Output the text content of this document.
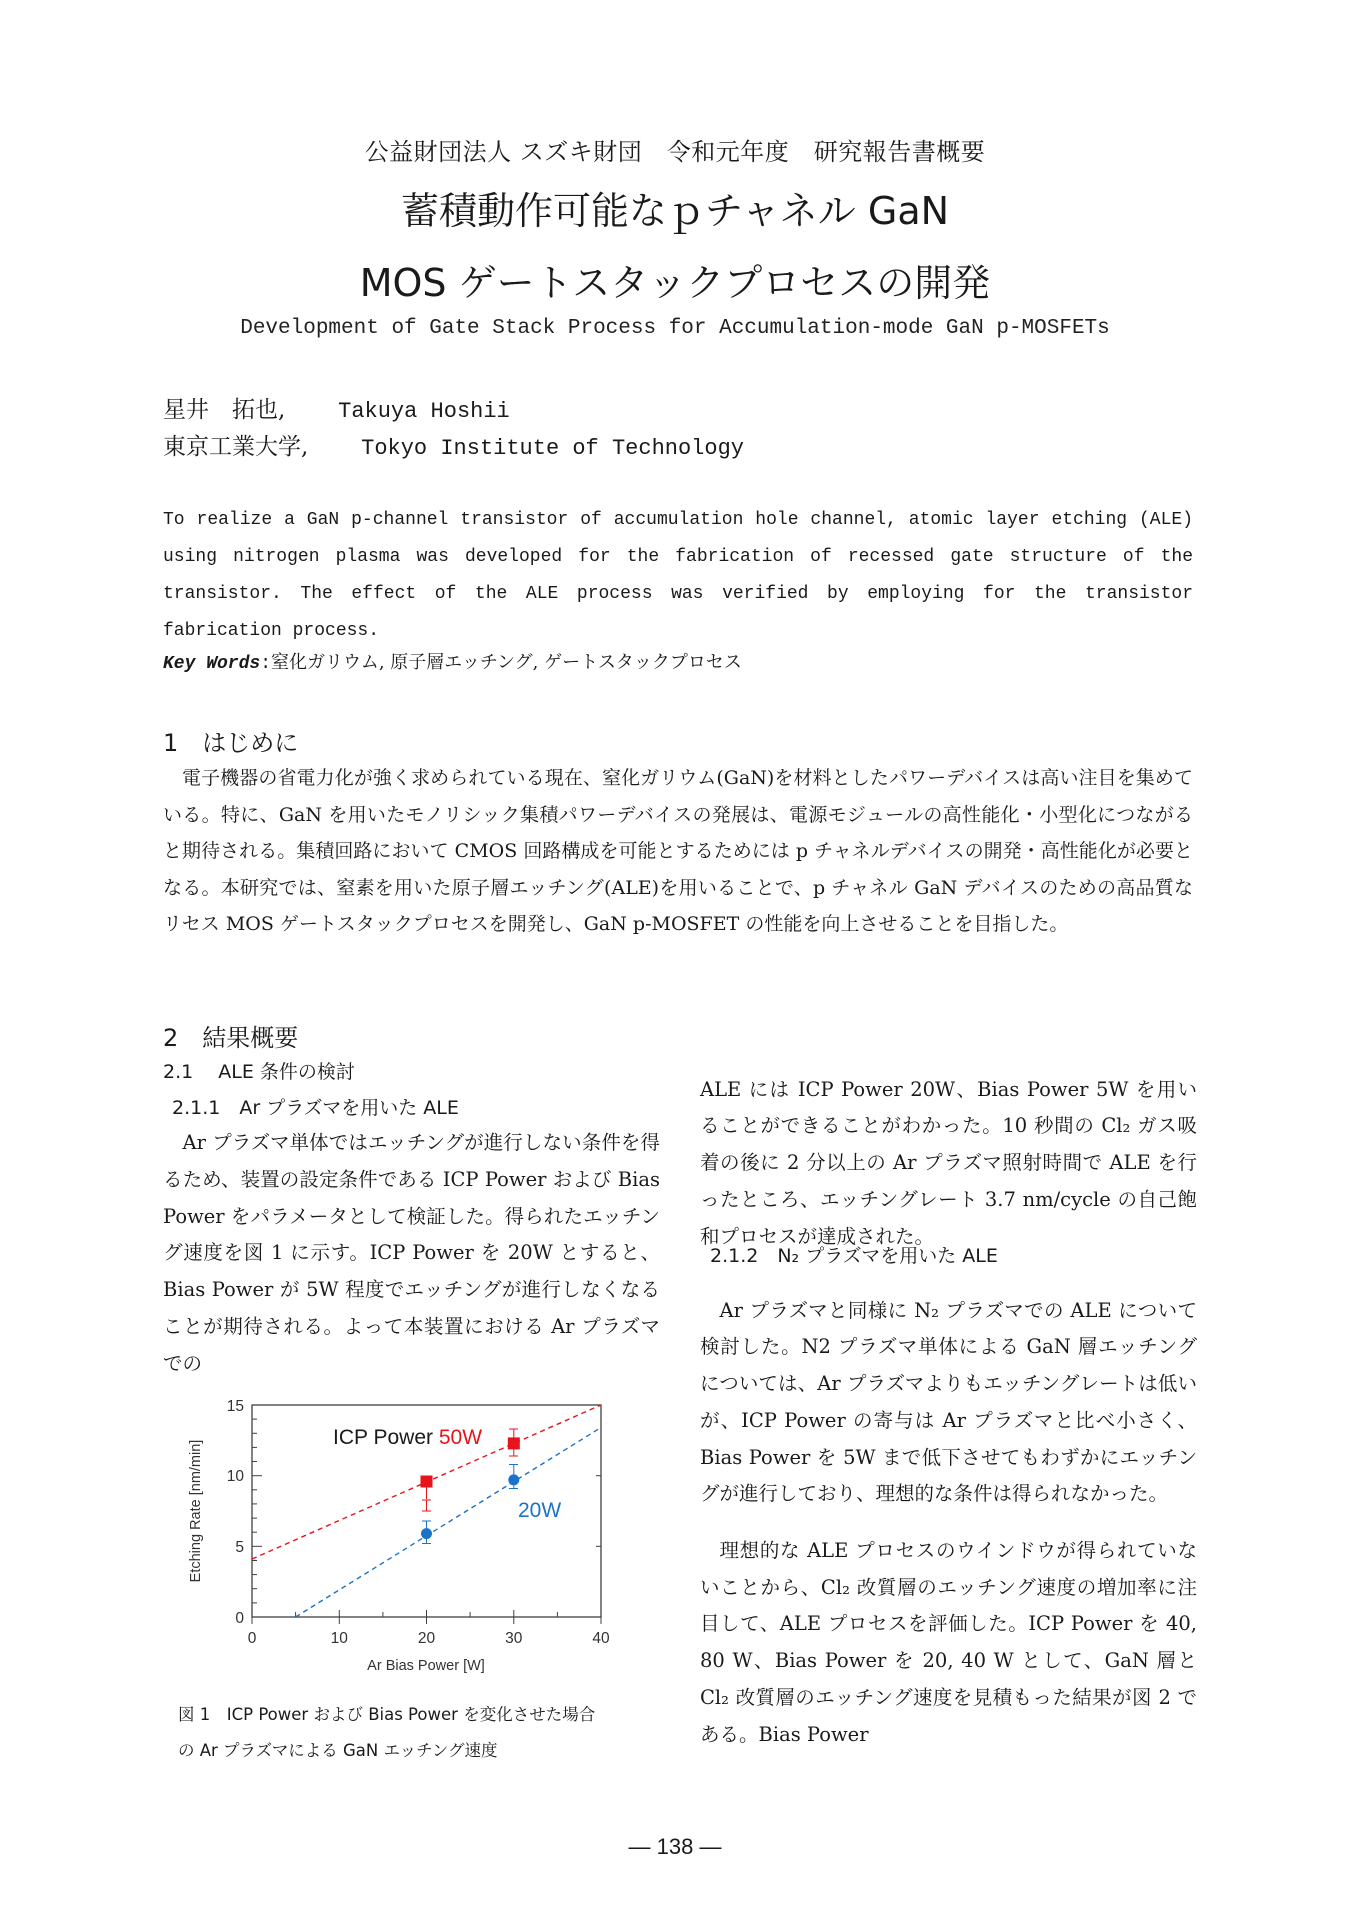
公益財団法人 スズキ財団　令和元年度　研究報告書概要
蓄積動作可能なｐチャネル GaN
MOS ゲートスタックプロセスの開発
Development of Gate Stack Process for Accumulation-mode GaN p-MOSFETs
星井　拓也, Takuya Hoshii
東京工業大学, Tokyo Institute of Technology

To realize a GaN p-channel transistor of accumulation hole channel, atomic layer etching (ALE) using nitrogen plasma was developed for the fabrication of recessed gate structure of the transistor. The effect of the ALE process was verified by employing for the transistor fabrication process.

Key Words:窒化ガリウム, 原子層エッチング, ゲートスタックプロセス
1　はじめに

電子機器の省電力化が強く求められている現在、窒化ガリウム(GaN)を材料としたパワーデバイスは高い注目を集めている。特に、GaN を用いたモノリシック集積パワーデバイスの発展は、電源モジュールの高性能化・小型化につながると期待される。集積回路において CMOS 回路構成を可能とするためには p チャネルデバイスの開発・高性能化が必要となる。本研究では、窒素を用いた原子層エッチング(ALE)を用いることで、p チャネル GaN デバイスのための高品質なリセス MOS ゲートスタックプロセスを開発し、GaN p-MOSFET の性能を向上させることを目指した。

2　結果概要
2.1　 ALE 条件の検討
2.1.1　Ar プラズマを用いた ALE

Ar プラズマ単体ではエッチングが進行しない条件を得るため、装置の設定条件である ICP Power および Bias Power をパラメータとして検証した。得られたエッチング速度を図 1 に示す。ICP Power を 20W とすると、Bias Power が 5W 程度でエッチングが進行しなくなることが期待される。よって本装置における Ar プラズマでの

ALE には ICP Power 20W、Bias Power 5W を用いることができることがわかった。10 秒間の Cl₂ ガス吸着の後に 2 分以上の Ar プラズマ照射時間で ALE を行ったところ、エッチングレート 3.7 nm/cycle の自己飽和プロセスが達成された。

2.1.2　N₂ プラズマを用いた ALE

Ar プラズマと同様に N₂ プラズマでの ALE について検討した。N2 プラズマ単体による GaN 層エッチングについては、Ar プラズマよりもエッチングレートは低いが、ICP Power の寄与は Ar プラズマと比べ小さく、Bias Power を 5W まで低下させてもわずかにエッチングが進行しており、理想的な条件は得られなかった。

理想的な ALE プロセスのウインドウが得られていないことから、Cl₂ 改質層のエッチング速度の増加率に注目して、ALE プロセスを評価した。ICP Power を 40, 80 W、Bias Power を 20, 40 W として、GaN 層と Cl₂ 改質層のエッチング速度を見積もった結果が図 2 である。Bias Power

15
10
5
0
0	10	20	30	40
Ar Bias Power [W]
Etching Rate [nm/min]
ICP Power 50W
20W
図 1　ICP Power および Bias Power を変化させた場合
の Ar プラズマによる GaN エッチング速度
— 138 —
